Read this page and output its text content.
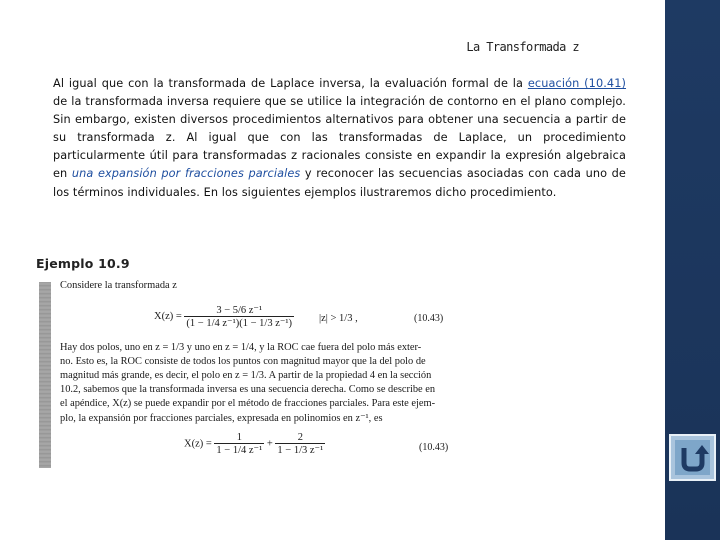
La Transformada z
Al igual que con la transformada de Laplace inversa, la evaluación formal de la ecuación (10.41) de la transformada inversa requiere que se utilice la integración de contorno en el plano complejo. Sin embargo, existen diversos procedimientos alternativos para obtener una secuencia a partir de su transformada z. Al igual que con las transformadas de Laplace, un procedimiento particularmente útil para transformadas z racionales consiste en expandir la expresión algebraica en una expansión por fracciones parciales y reconocer las secuencias asociadas con cada uno de los términos individuales. En los siguientes ejemplos ilustraremos dicho procedimiento.
Ejemplo 10.9
Considere la transformada z
$X(z) = \frac{\text{3 − 5/6 z⁻¹}}{\text{(1 − 1/4 z⁻¹)(1 − 1/3 z⁻¹)}} |z| > 1/3$ ,	(10.43)
Hay dos polos, uno en z = 1/3 y uno en z = 1/4, y la ROC cae fuera del polo más exter-
no. Esto es, la ROC consiste de todos los puntos con magnitud mayor que la del polo de
magnitud más grande, es decir, el polo en z = 1/3. A partir de la propiedad 4 en la sección
10.2, sabemos que la transformada inversa es una secuencia derecha. Como se describe en
el apéndice, X(z) se puede expandir por el método de fracciones parciales. Para este ejem-
plo, la expansión por fracciones parciales, expresada en polinomios en z⁻¹, es
$X(z) = \frac{1}{\text{1 − 1/4 z⁻¹}} + \frac{2}{\text{1 − 1/3 z⁻¹}}$	(10.43)
